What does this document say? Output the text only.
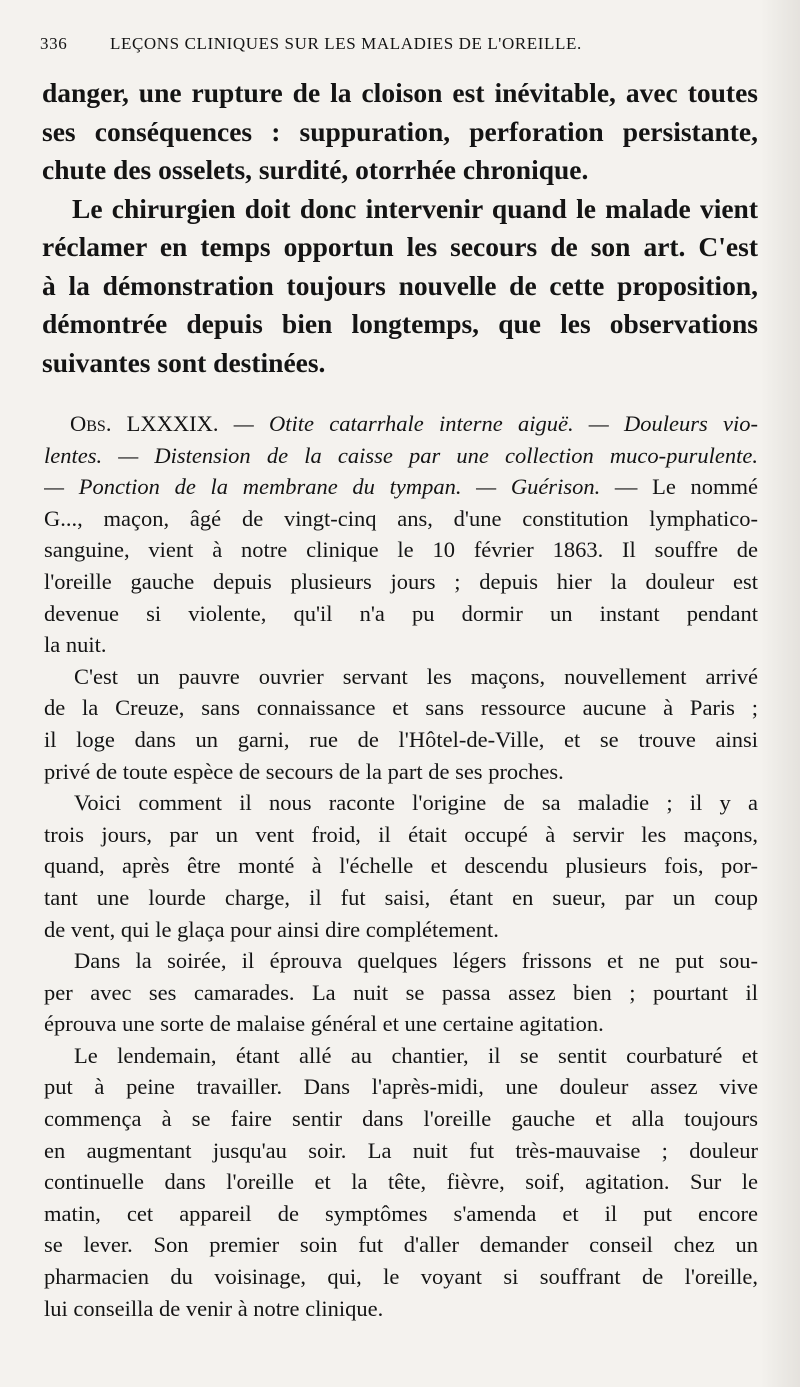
336	LEÇONS CLINIQUES SUR LES MALADIES DE L'OREILLE.
danger, une rupture de la cloison est inévitable, avec toutes
ses conséquences : suppuration, perforation persistante,
chute des osselets, surdité, otorrhée chronique.
Le chirurgien doit donc intervenir quand le malade vient
réclamer en temps opportun les secours de son art. C'est
à la démonstration toujours nouvelle de cette proposition,
démontrée depuis bien longtemps, que les observations
suivantes sont destinées.
Obs. LXXXIX. — Otite catarrhale interne aiguë. — Douleurs vio-
lentes. — Distension de la caisse par une collection muco-purulente.
— Ponction de la membrane du tympan. — Guérison. — Le nommé
G..., maçon, âgé de vingt-cinq ans, d'une constitution lymphatico-
sanguine, vient à notre clinique le 10 février 1863. Il souffre de
l'oreille gauche depuis plusieurs jours ; depuis hier la douleur est
devenue si violente, qu'il n'a pu dormir un instant pendant
la nuit.
C'est un pauvre ouvrier servant les maçons, nouvellement arrivé
de la Creuze, sans connaissance et sans ressource aucune à Paris ;
il loge dans un garni, rue de l'Hôtel-de-Ville, et se trouve ainsi
privé de toute espèce de secours de la part de ses proches.
Voici comment il nous raconte l'origine de sa maladie ; il y a
trois jours, par un vent froid, il était occupé à servir les maçons,
quand, après être monté à l'échelle et descendu plusieurs fois, por-
tant une lourde charge, il fut saisi, étant en sueur, par un coup
de vent, qui le glaça pour ainsi dire complétement.
Dans la soirée, il éprouva quelques légers frissons et ne put sou-
per avec ses camarades. La nuit se passa assez bien ; pourtant il
éprouva une sorte de malaise général et une certaine agitation.
Le lendemain, étant allé au chantier, il se sentit courbaturé et
put à peine travailler. Dans l'après-midi, une douleur assez vive
commença à se faire sentir dans l'oreille gauche et alla toujours
en augmentant jusqu'au soir. La nuit fut très-mauvaise ; douleur
continuelle dans l'oreille et la tête, fièvre, soif, agitation. Sur le
matin, cet appareil de symptômes s'amenda et il put encore
se lever. Son premier soin fut d'aller demander conseil chez un
pharmacien du voisinage, qui, le voyant si souffrant de l'oreille,
lui conseilla de venir à notre clinique.
